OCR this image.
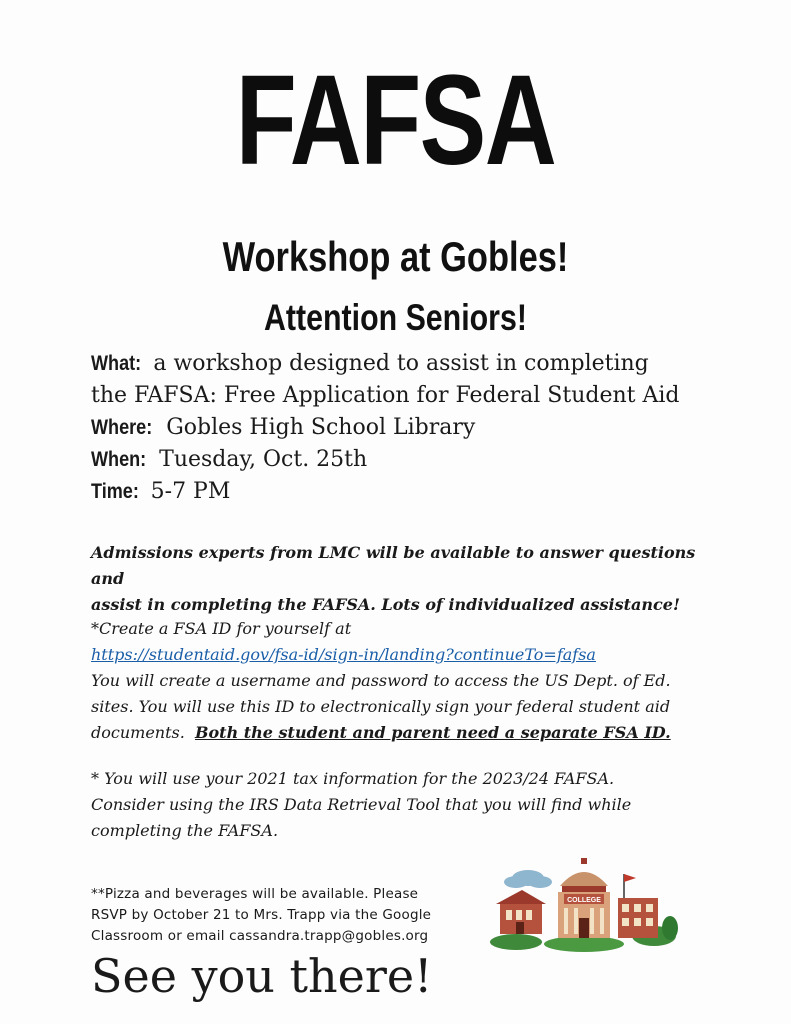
FAFSA
Workshop at Gobles!
Attention Seniors!
What: a workshop designed to assist in completing
the FAFSA: Free Application for Federal Student Aid
Where: Gobles High School Library
When: Tuesday, Oct. 25th
Time: 5-7 PM
Admissions experts from LMC will be available to answer questions and
assist in completing the FAFSA. Lots of individualized assistance!
*Create a FSA ID for yourself at
https://studentaid.gov/fsa-id/sign-in/landing?continueTo=fafsa
You will create a username and password to access the US Dept. of Ed.
sites. You will use this ID to electronically sign your federal student aid
documents. Both the student and parent need a separate FSA ID.
* You will use your 2021 tax information for the 2023/24 FAFSA.
Consider using the IRS Data Retrieval Tool that you will find while
completing the FAFSA.
**Pizza and beverages will be available. Please
RSVP by October 21 to Mrs. Trapp via the Google
Classroom or email cassandra.trapp@gobles.org
See you there!
COLLEGE
